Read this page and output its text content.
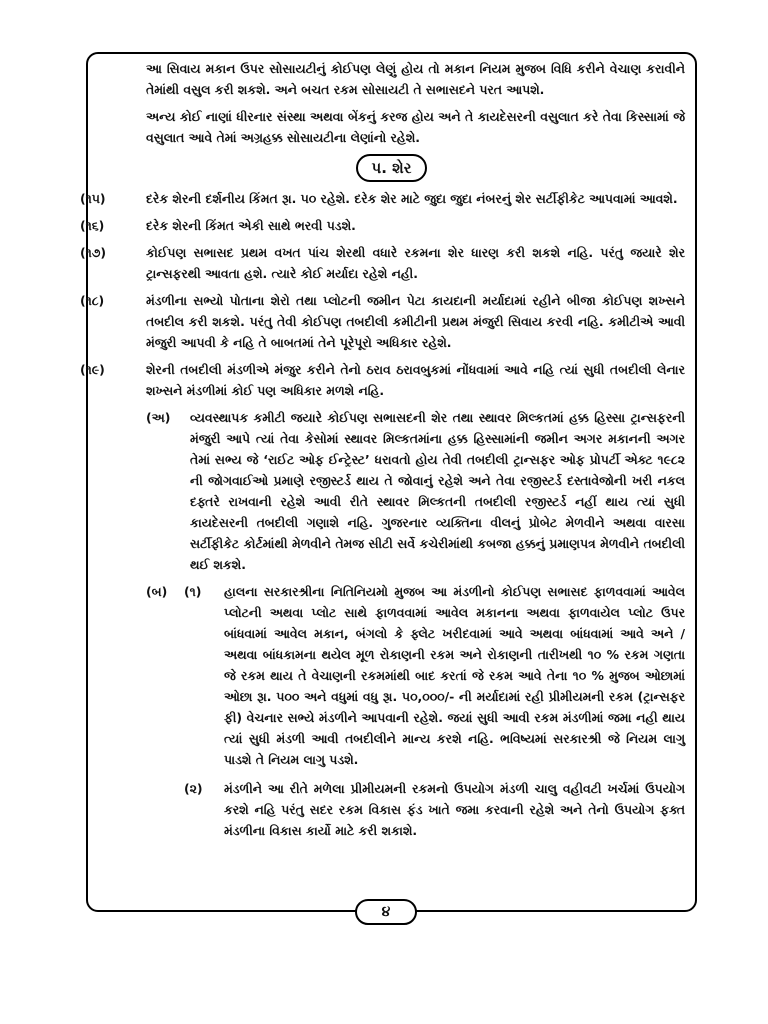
આ સિવાય મકાન ઉપર સોસાયટીનું કોઈપણ લેણું હોય તો મકાન નિયમ મુજબ વિધિ કરીને વેચાણ કરાવીને તેમાંથી વસુલ કરી શકશે. અને બચત રકમ સોસાયટી તે સભાસદને પરત આપશે.

અન્ય કોઈ નાણાં ધીરનાર સંસ્થા અથવા બેંકનું કરજ હોય અને તે કાયદેસરની વસુલાત કરે તેવા કિસ્સામાં જે વસુલાત આવે તેમાં અગ્રહક્ક સોસાયટીના લેણાંનો રહેશે.

પ. શેર
(૧૫)	દરેક શેરની દર્શનીય કિંમત રૂા. ૫૦ રહેશે. દરેક શેર માટે જુદા જુદા નંબરનું શેર સર્ટીફીકેટ આપવામાં આવશે.

(૧૬)	દરેક શેરની કિંમત એકી સાથે ભરવી પડશે.

(૧૭)	કોઈપણ સભાસદ પ્રથમ વખત પાંચ શેરથી વધારે રકમના શેર ધારણ કરી શકશે નહિ. પરંતુ જયારે શેર ટ્રાન્સફરથી આવતા હશે. ત્યારે કોઈ મર્યાદા રહેશે નહી.

(૧૮)	મંડળીના સભ્યો પોતાના શેરો તથા પ્લોટની જમીન પેટા કાયદાની મર્યાદામાં રહીને બીજા કોઈપણ શખ્સને તબદીલ કરી શકશે. પરંતુ તેવી કોઈપણ તબદીલી કમીટીની પ્રથમ મંજુરી સિવાય કરવી નહિ. કમીટીએ આવી મંજુરી આપવી કે નહિ તે બાબતમાં તેને પૂરેપૂરો અધિકાર રહેશે.

(૧૯)	શેરની તબદીલી મંડળીએ મંજુર કરીને તેનો ઠરાવ ઠરાવબુકમાં નોંધવામાં આવે નહિ ત્યાં સુધી તબદીલી લેનાર શખ્સને મંડળીમાં કોઈ પણ અધિકાર મળશે નહિ.

(અ) વ્યવસ્થાપક કમીટી જયારે કોઈપણ સભાસદની શેર તથા સ્થાવર મિલ્કતમાં હક્ક હિસ્સા ટ્રાન્સફરની મંજુરી આપે ત્યાં તેવા કેસોમાં સ્થાવર મિલ્કતમાંના હક્ક હિસ્સામાંની જમીન અગર મકાનની અગર તેમાં સભ્ય જે ‘રાઈટ ઓફ ઈન્ટ્રેસ્ટ’ ધરાવતો હોય તેવી તબદીલી ટ્રાન્સફર ઓફ પ્રોપર્ટી એક્ટ ૧૯૮૨ ની જોગવાઈઓ પ્રમાણે રજીસ્ટર્ડ થાય તે જોવાનું રહેશે અને તેવા રજીસ્ટર્ડ દસ્તાવેજોની ખરી નકલ દફ્તરે રાખવાની રહેશે આવી રીતે સ્થાવર મિલ્કતની તબદીલી રજીસ્ટર્ડ નહીં થાય ત્યાં સુધી કાયદેસરની તબદીલી ગણાશે નહિ. ગુજરનાર વ્યક્તિના વીલનું પ્રોબેટ મેળવીને અથવા વારસા સર્ટીફીકેટ કોર્ટમાંથી મેળવીને તેમજ સીટી સર્વે કચેરીમાંથી કબજા હક્કનું પ્રમાણપત્ર મેળવીને તબદીલી થઈ શકશે.

(બ) (૧) હાલના સરકારશ્રીના નિતિનિયમો મુજબ આ મંડળીનો કોઈપણ સભાસદ ફાળવવામાં આવેલ પ્લોટની અથવા પ્લોટ સાથે ફાળવવામાં આવેલ મકાનના અથવા ફાળવાયેલ પ્લોટ ઉપર બાંધવામાં આવેલ મકાન, બંગલો કે ફ્લેટ ખરીદવામાં આવે અથવા બાંધવામાં આવે અને / અથવા બાંધકામના થયેલ મૂળ રોકાણની રકમ અને રોકાણની તારીખથી ૧૦ % રકમ ગણતા જે રકમ થાય તે વેચાણની રકમમાંથી બાદ કરતાં જે રકમ આવે તેના ૧૦ % મુજબ ઓછામાં ઓછા રૂા. ૫૦૦ અને વધુમાં વધુ રૂા. ૫૦,૦૦૦/- ની મર્યાદામાં રહી પ્રીમીયમની રકમ (ટ્રાન્સફર ફી) વેચનાર સભ્યે મંડળીને આપવાની રહેશે. જયાં સુધી આવી રકમ મંડળીમાં જમા નહી થાય ત્યાં સુધી મંડળી આવી તબદીલીને માન્ય કરશે નહિ. ભવિષ્યમાં સરકારશ્રી જે નિયમ લાગુ પાડશે તે નિયમ લાગુ પડશે.

(૨) મંડળીને આ રીતે મળેલા પ્રીમીયમની રકમનો ઉપયોગ મંડળી ચાલુ વહીવટી ખર્ચમાં ઉપયોગ કરશે નહિ પરંતુ સદર રકમ વિકાસ ફંડ ખાતે જમા કરવાની રહેશે અને તેનો ઉપયોગ ફક્ત મંડળીના વિકાસ કાર્યો માટે કરી શકાશે.

૪
